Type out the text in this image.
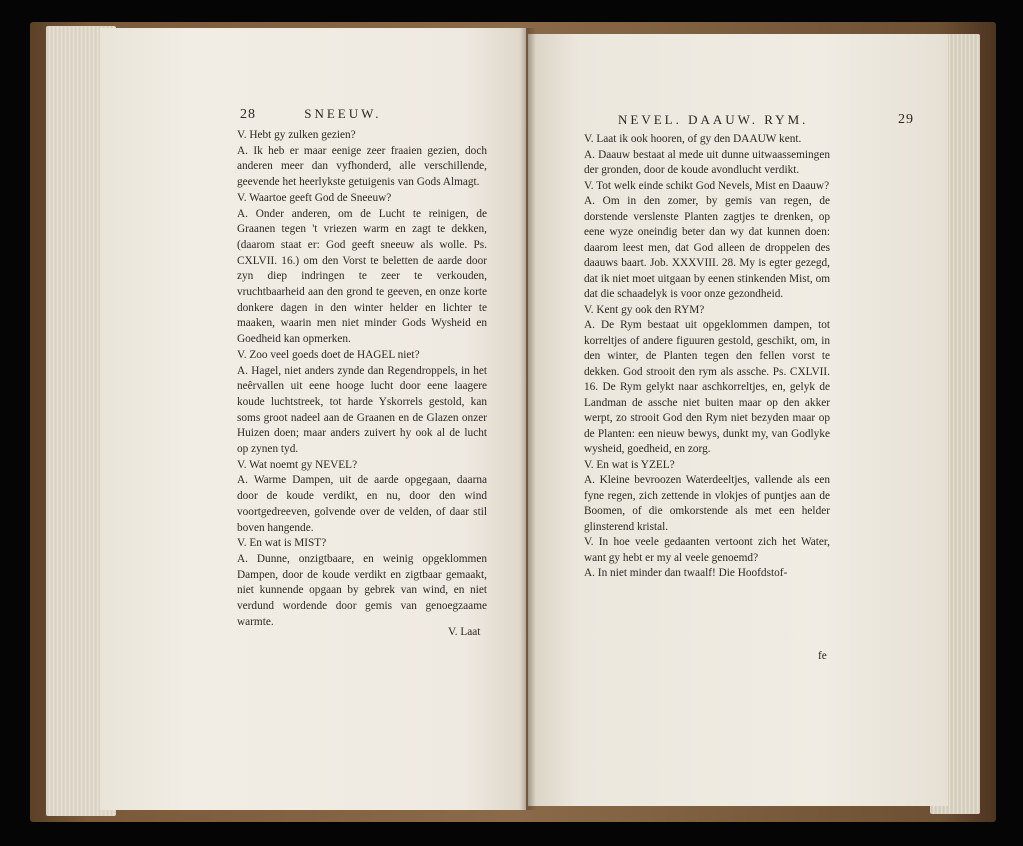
28	SNEEUW.	NEVEL. DAAUW. RYM.	29

V. Hebt gy zulken gezien?

A. Ik heb er maar eenige zeer fraaien gezien, doch anderen meer dan vyfhonderd, alle verschillende, geevende het heerlykste getuigenis van Gods Almagt.

V. Waartoe geeft God de Sneeuw?

A. Onder anderen, om de Lucht te reinigen, de Graanen tegen 't vriezen warm en zagt te dekken, (daarom staat er: God geeft sneeuw als wolle. Ps. CXLVII. 16.) om den Vorst te beletten de aarde door zyn diep indringen te zeer te verkouden, vruchtbaarheid aan den grond te geeven, en onze korte donkere dagen in den winter helder en lichter te maaken, waarin men niet minder Gods Wysheid en Goedheid kan opmerken.

V. Zoo veel goeds doet de HAGEL niet?

A. Hagel, niet anders zynde dan Regendroppels, in het neêrvallen uit eene hooge lucht door eene laagere koude luchtstreek, tot harde Yskorrels gestold, kan soms groot nadeel aan de Graanen en de Glazen onzer Huizen doen; maar anders zuivert hy ook al de lucht op zynen tyd.

V. Wat noemt gy NEVEL?

A. Warme Dampen, uit de aarde opgegaan, daarna door de koude verdikt, en nu, door den wind voortgedreeven, golvende over de velden, of daar stil boven hangende.

V. En wat is MIST?

A. Dunne, onzigtbaare, en weinig opgeklommen Dampen, door de koude verdikt en zigtbaar gemaakt, niet kunnende opgaan by gebrek van wind, en niet verdund wordende door gemis van genoegzaame warmte.

V. Laat

V. Laat ik ook hooren, of gy den DAAUW kent.

A. Daauw bestaat al mede uit dunne uitwaassemingen der gronden, door de koude avondlucht verdikt.

V. Tot welk einde schikt God Nevels, Mist en Daauw?

A. Om in den zomer, by gemis van regen, de dorstende verslenste Planten zagtjes te drenken, op eene wyze oneindig beter dan wy dat kunnen doen: daarom leest men, dat God alleen de droppelen des daauws baart. Job. XXXVIII. 28. My is egter gezegd, dat ik niet moet uitgaan by eenen stinkenden Mist, om dat die schaadelyk is voor onze gezondheid.

V. Kent gy ook den RYM?

A. De Rym bestaat uit opgeklommen dampen, tot korreltjes of andere figuuren gestold, geschikt, om, in den winter, de Planten tegen den fellen vorst te dekken. God strooit den rym als assche. Ps. CXLVII. 16. De Rym gelykt naar aschkorreltjes, en, gelyk de Landman de assche niet buiten maar op den akker werpt, zo strooit God den Rym niet bezyden maar op de Planten: een nieuw bewys, dunkt my, van Godlyke wysheid, goedheid, en zorg.

V. En wat is YZEL?

A. Kleine bevroozen Waterdeeltjes, vallende als een fyne regen, zich zettende in vlokjes of puntjes aan de Boomen, of die omkorstende als met een helder glinsterend kristal.

V. In hoe veele gedaanten vertoont zich het Water, want gy hebt er my al veele genoemd?

A. In niet minder dan twaalf! Die Hoofdstof-

fe
